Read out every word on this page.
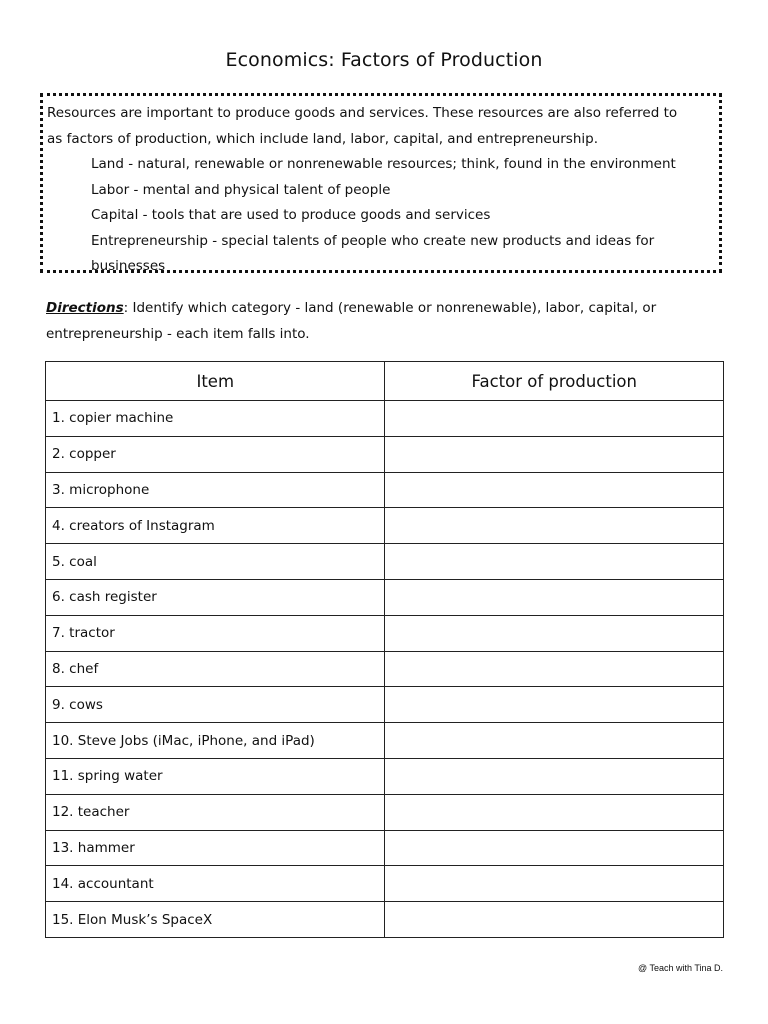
Economics: Factors of Production
Resources are important to produce goods and services. These resources are also referred to
as factors of production, which include land, labor, capital, and entrepreneurship.
Land - natural, renewable or nonrenewable resources; think, found in the environment
Labor - mental and physical talent of people
Capital - tools that are used to produce goods and services
Entrepreneurship - special talents of people who create new products and ideas for
businesses
Directions: Identify which category - land (renewable or nonrenewable), labor, capital, or entrepreneurship - each item falls into.
Item	Factor of production
1. copier machine	
2. copper	
3. microphone	
4. creators of Instagram	
5. coal	
6. cash register	
7. tractor	
8. chef	
9. cows	
10. Steve Jobs (iMac, iPhone, and iPad)	
11. spring water	
12. teacher	
13. hammer	
14. accountant	
15. Elon Musk’s SpaceX	
@ Teach with Tina D.
